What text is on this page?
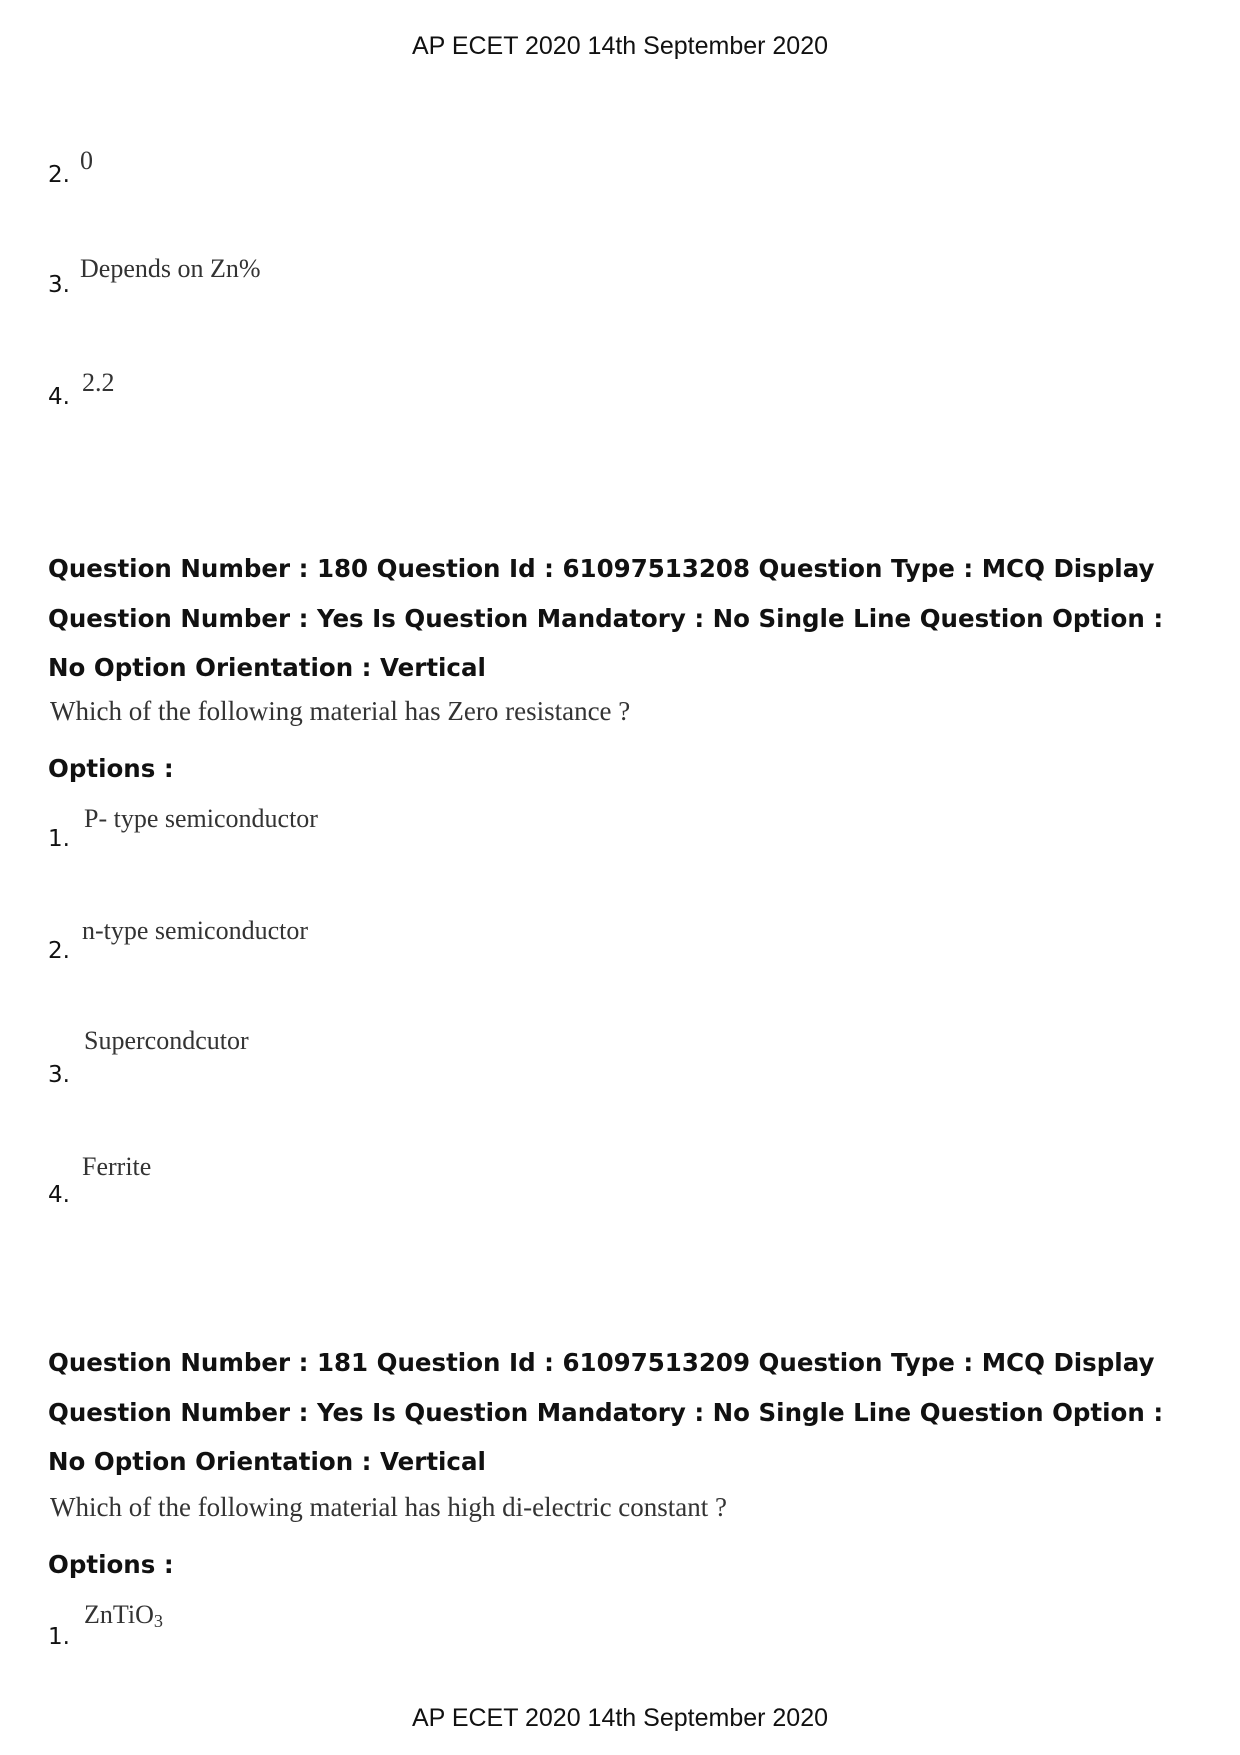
AP ECET 2020 14th September 2020
2. 0
3.
Depends on Zn%
4. 2.2
Question Number : 180 Question Id : 61097513208 Question Type : MCQ Display Question Number : Yes Is Question Mandatory : No Single Line Question Option : No Option Orientation : Vertical
Which of the following material has Zero resistance ?
Options :
1.
P- type semiconductor
2.
n-type semiconductor
3.
Supercondcutor
4.
Ferrite
Question Number : 181 Question Id : 61097513209 Question Type : MCQ Display Question Number : Yes Is Question Mandatory : No Single Line Question Option : No Option Orientation : Vertical
Which of the following material has high di-electric constant ?
Options :
1.
ZnTiO$_3$
AP ECET 2020 14th September 2020
